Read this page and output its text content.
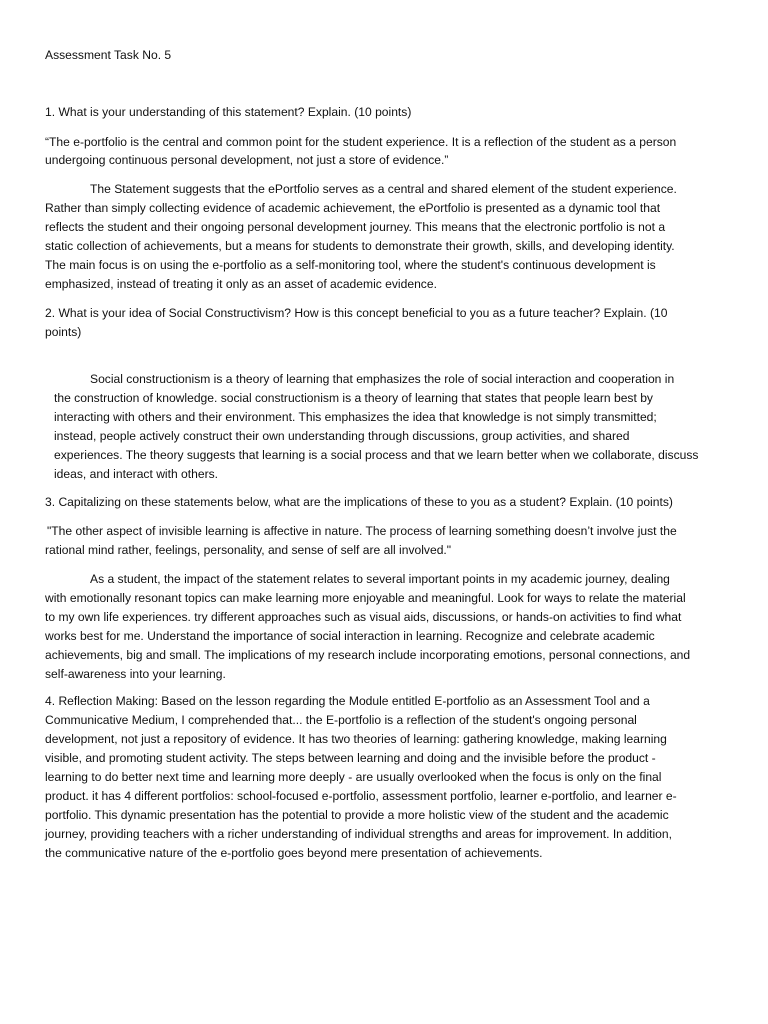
Assessment Task No. 5

1. What is your understanding of this statement? Explain. (10 points)

“The e-portfolio is the central and common point for the student experience. It is a reflection of the student as a person

undergoing continuous personal development, not just a store of evidence.”

The Statement suggests that the ePortfolio serves as a central and shared element of the student experience.

Rather than simply collecting evidence of academic achievement, the ePortfolio is presented as a dynamic tool that

reflects the student and their ongoing personal development journey. This means that the electronic portfolio is not a

static collection of achievements, but a means for students to demonstrate their growth, skills, and developing identity.

The main focus is on using the e-portfolio as a self-monitoring tool, where the student's continuous development is

emphasized, instead of treating it only as an asset of academic evidence.

2. What is your idea of Social Constructivism? How is this concept beneficial to you as a future teacher? Explain. (10

points)

Social constructionism is a theory of learning that emphasizes the role of social interaction and cooperation in

the construction of knowledge. social constructionism is a theory of learning that states that people learn best by

interacting with others and their environment. This emphasizes the idea that knowledge is not simply transmitted;

instead, people actively construct their own understanding through discussions, group activities, and shared

experiences. The theory suggests that learning is a social process and that we learn better when we collaborate, discuss

ideas, and interact with others.

3. Capitalizing on these statements below, what are the implications of these to you as a student? Explain. (10 points)

"The other aspect of invisible learning is affective in nature. The process of learning something doesn’t involve just the

rational mind rather, feelings, personality, and sense of self are all involved."

As a student, the impact of the statement relates to several important points in my academic journey, dealing

with emotionally resonant topics can make learning more enjoyable and meaningful. Look for ways to relate the material

to my own life experiences. try different approaches such as visual aids, discussions, or hands-on activities to find what

works best for me. Understand the importance of social interaction in learning. Recognize and celebrate academic

achievements, big and small. The implications of my research include incorporating emotions, personal connections, and

self-awareness into your learning.

4. Reflection Making: Based on the lesson regarding the Module entitled E-portfolio as an Assessment Tool and a

Communicative Medium, I comprehended that... the E-portfolio is a reflection of the student's ongoing personal

development, not just a repository of evidence. It has two theories of learning: gathering knowledge, making learning

visible, and promoting student activity. The steps between learning and doing and the invisible before the product -

learning to do better next time and learning more deeply - are usually overlooked when the focus is only on the final

product. it has 4 different portfolios: school-focused e-portfolio, assessment portfolio, learner e-portfolio, and learner e-

portfolio. This dynamic presentation has the potential to provide a more holistic view of the student and the academic

journey, providing teachers with a richer understanding of individual strengths and areas for improvement. In addition,

the communicative nature of the e-portfolio goes beyond mere presentation of achievements.
